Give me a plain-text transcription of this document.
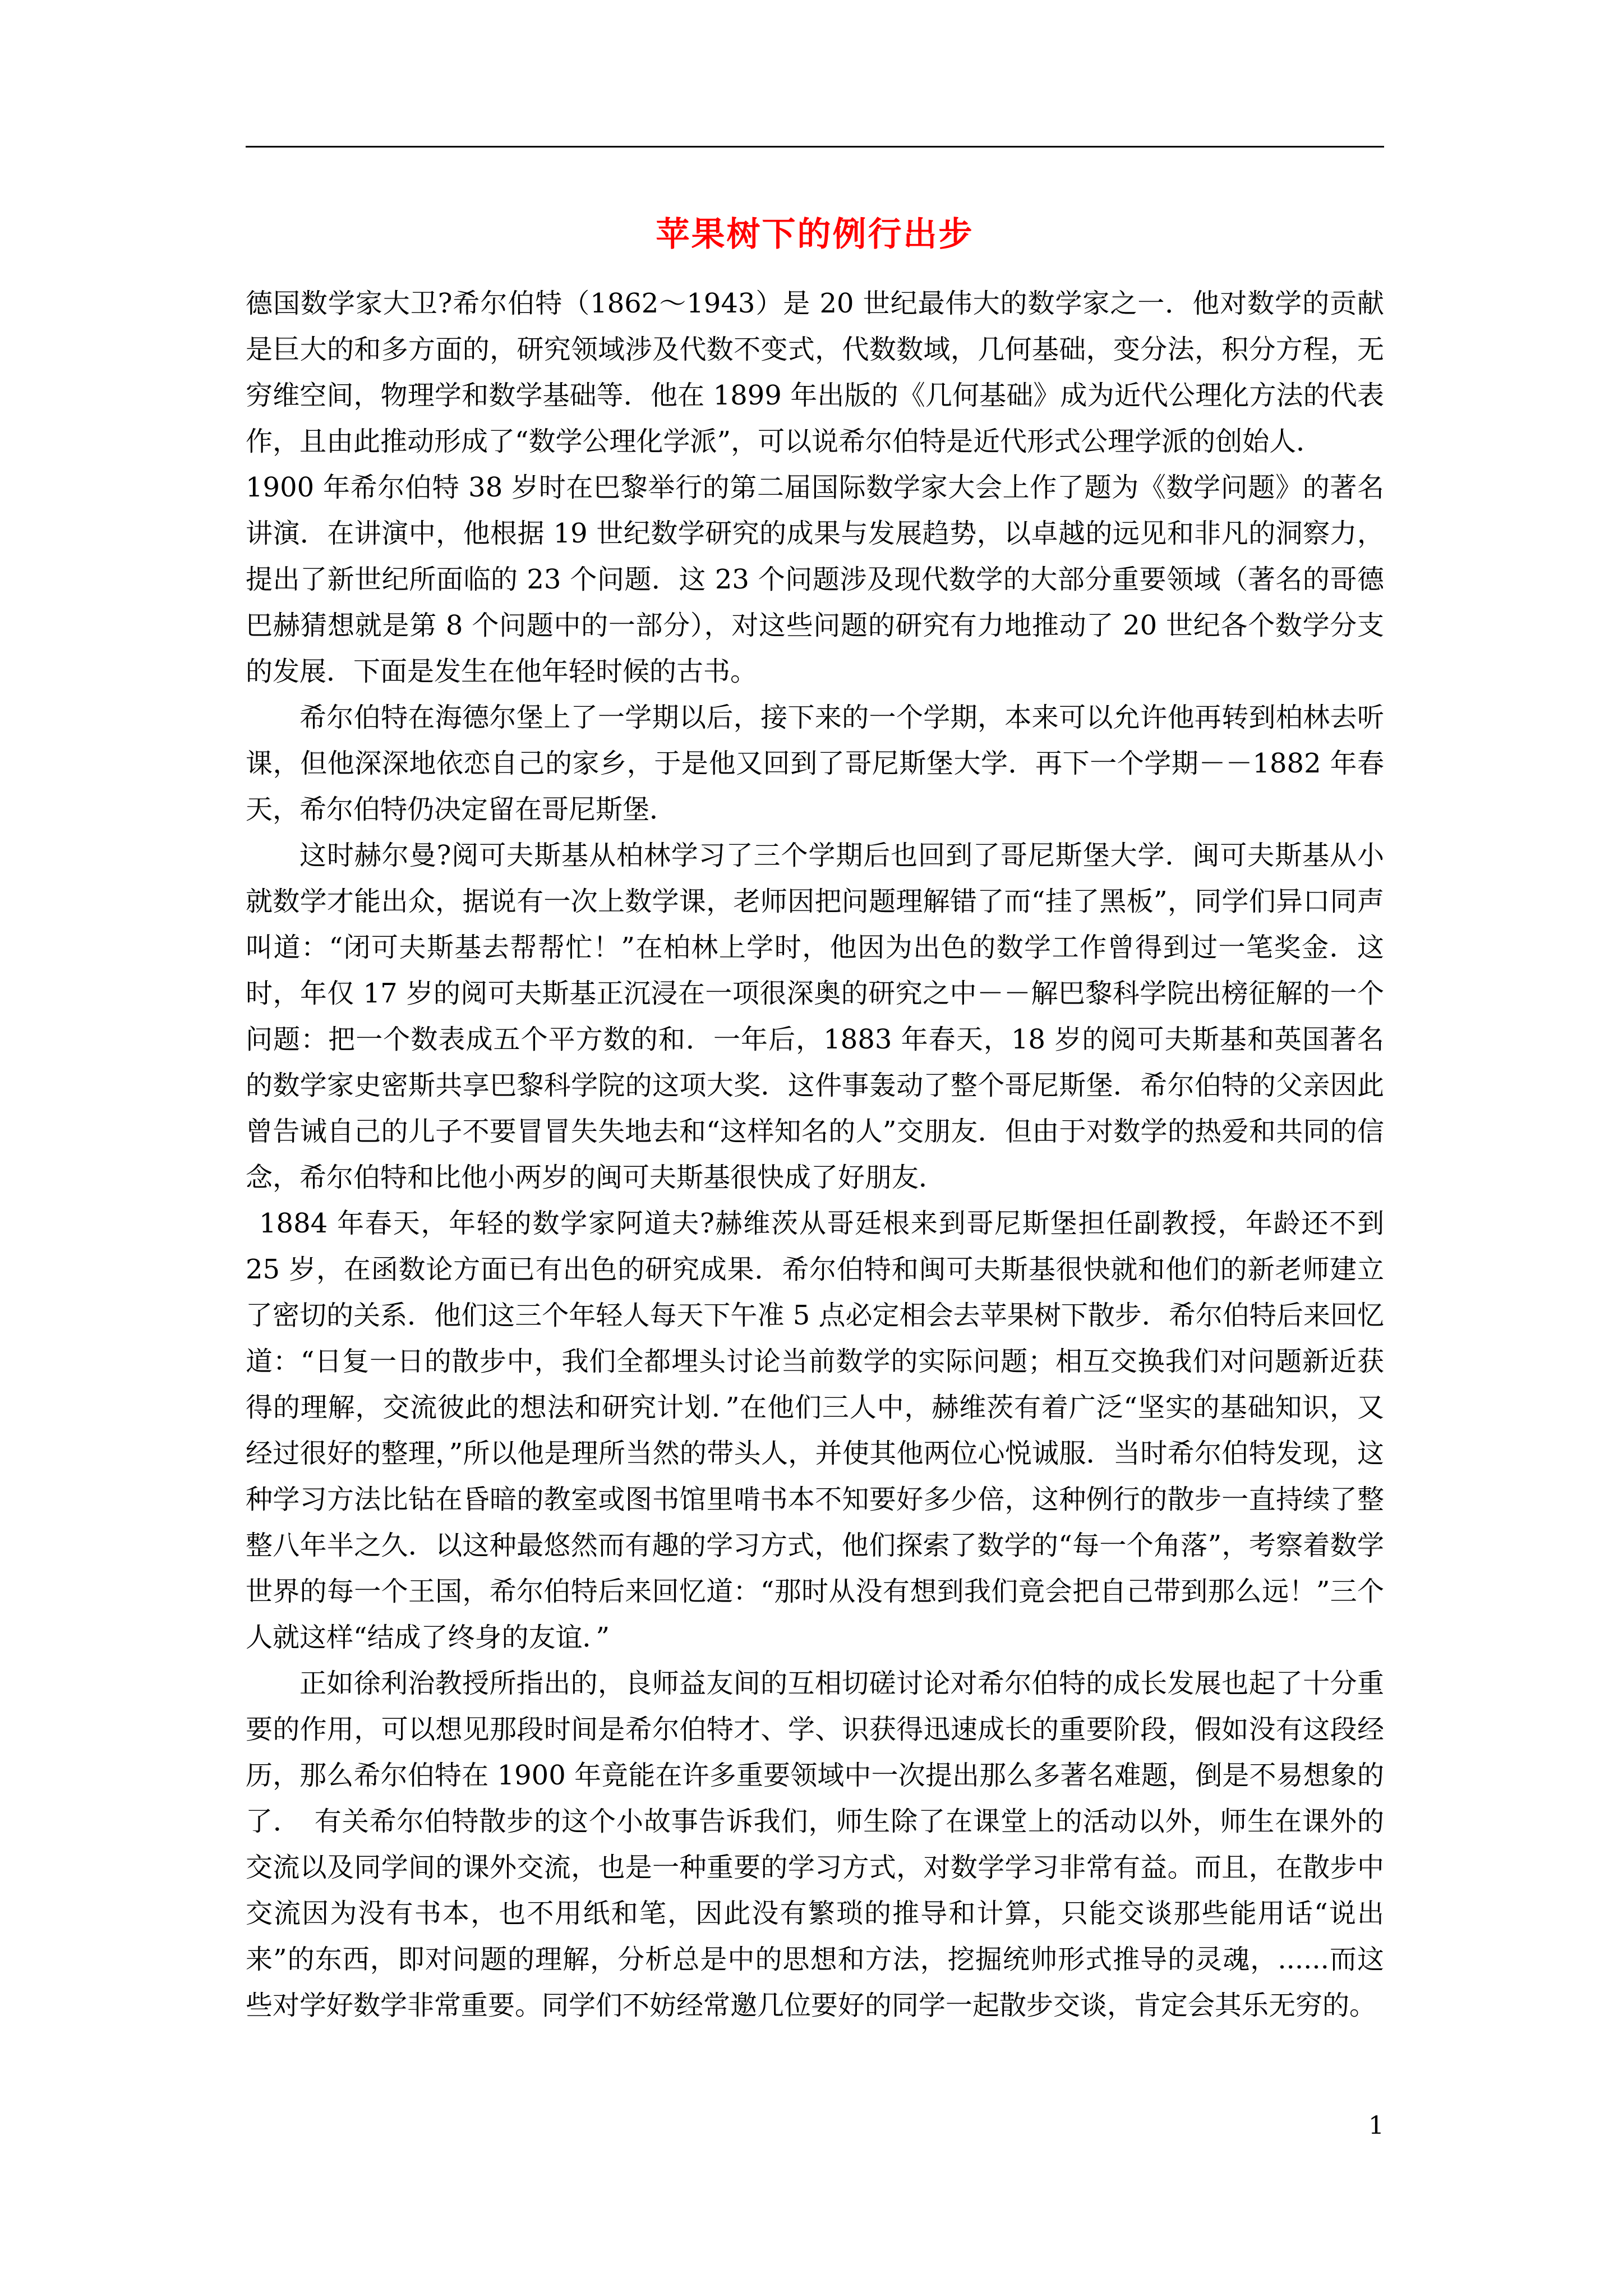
苹果树下的例行出步

德国数学家大卫?希尔伯特（1862～1943）是 20 世纪最伟大的数学家之一．他对数学的贡献是巨大的和多方面的，研究领域涉及代数不变式，代数数域，几何基础，变分法，积分方程，无穷维空间，物理学和数学基础等．他在 1899 年出版的《几何基础》成为近代公理化方法的代表作，且由此推动形成了“数学公理化学派”，可以说希尔伯特是近代形式公理学派的创始人．

1900 年希尔伯特 38 岁时在巴黎举行的第二届国际数学家大会上作了题为《数学问题》的著名讲演．在讲演中，他根据 19 世纪数学研究的成果与发展趋势，以卓越的远见和非凡的洞察力，提出了新世纪所面临的 23 个问题．这 23 个问题涉及现代数学的大部分重要领域（著名的哥德巴赫猜想就是第 8 个问题中的一部分），对这些问题的研究有力地推动了 20 世纪各个数学分支的发展．下面是发生在他年轻时候的古书。

希尔伯特在海德尔堡上了一学期以后，接下来的一个学期，本来可以允许他再转到柏林去听课，但他深深地依恋自己的家乡，于是他又回到了哥尼斯堡大学．再下一个学期－－1882 年春天，希尔伯特仍决定留在哥尼斯堡．

这时赫尔曼?阅可夫斯基从柏林学习了三个学期后也回到了哥尼斯堡大学．闽可夫斯基从小就数学才能出众，据说有一次上数学课，老师因把问题理解错了而“挂了黑板”，同学们异口同声叫道：“闭可夫斯基去帮帮忙！”在柏林上学时，他因为出色的数学工作曾得到过一笔奖金．这时，年仅 17 岁的阅可夫斯基正沉浸在一项很深奥的研究之中－－解巴黎科学院出榜征解的一个问题：把一个数表成五个平方数的和．一年后，1883 年春天，18 岁的阅可夫斯基和英国著名的数学家史密斯共享巴黎科学院的这项大奖．这件事轰动了整个哥尼斯堡．希尔伯特的父亲因此曾告诫自己的儿子不要冒冒失失地去和“这样知名的人”交朋友．但由于对数学的热爱和共同的信念，希尔伯特和比他小两岁的闽可夫斯基很快成了好朋友．

1884 年春天，年轻的数学家阿道夫?赫维茨从哥廷根来到哥尼斯堡担任副教授，年龄还不到 25 岁，在函数论方面已有出色的研究成果．希尔伯特和闽可夫斯基很快就和他们的新老师建立了密切的关系．他们这三个年轻人每天下午准 5 点必定相会去苹果树下散步．希尔伯特后来回忆道：“日复一日的散步中，我们全都埋头讨论当前数学的实际问题；相互交换我们对问题新近获得的理解，交流彼此的想法和研究计划．”在他们三人中，赫维茨有着广泛“坚实的基础知识，又经过很好的整理，”所以他是理所当然的带头人，并使其他两位心悦诚服．当时希尔伯特发现，这种学习方法比钻在昏暗的教室或图书馆里啃书本不知要好多少倍，这种例行的散步一直持续了整整八年半之久．以这种最悠然而有趣的学习方式，他们探索了数学的“每一个角落”，考察着数学世界的每一个王国，希尔伯特后来回忆道：“那时从没有想到我们竟会把自己带到那么远！”三个人就这样“结成了终身的友谊．”

正如徐利治教授所指出的，良师益友间的互相切磋讨论对希尔伯特的成长发展也起了十分重要的作用，可以想见那段时间是希尔伯特才、学、识获得迅速成长的重要阶段，假如没有这段经历，那么希尔伯特在 1900 年竟能在许多重要领域中一次提出那么多著名难题，倒是不易想象的了．　有关希尔伯特散步的这个小故事告诉我们，师生除了在课堂上的活动以外，师生在课外的交流以及同学间的课外交流，也是一种重要的学习方式，对数学学习非常有益。而且，在散步中交流因为没有书本，也不用纸和笔，因此没有繁琐的推导和计算，只能交谈那些能用话“说出来”的东西，即对问题的理解，分析总是中的思想和方法，挖掘统帅形式推导的灵魂，......而这些对学好数学非常重要。同学们不妨经常邀几位要好的同学一起散步交谈，肯定会其乐无穷的。

1
